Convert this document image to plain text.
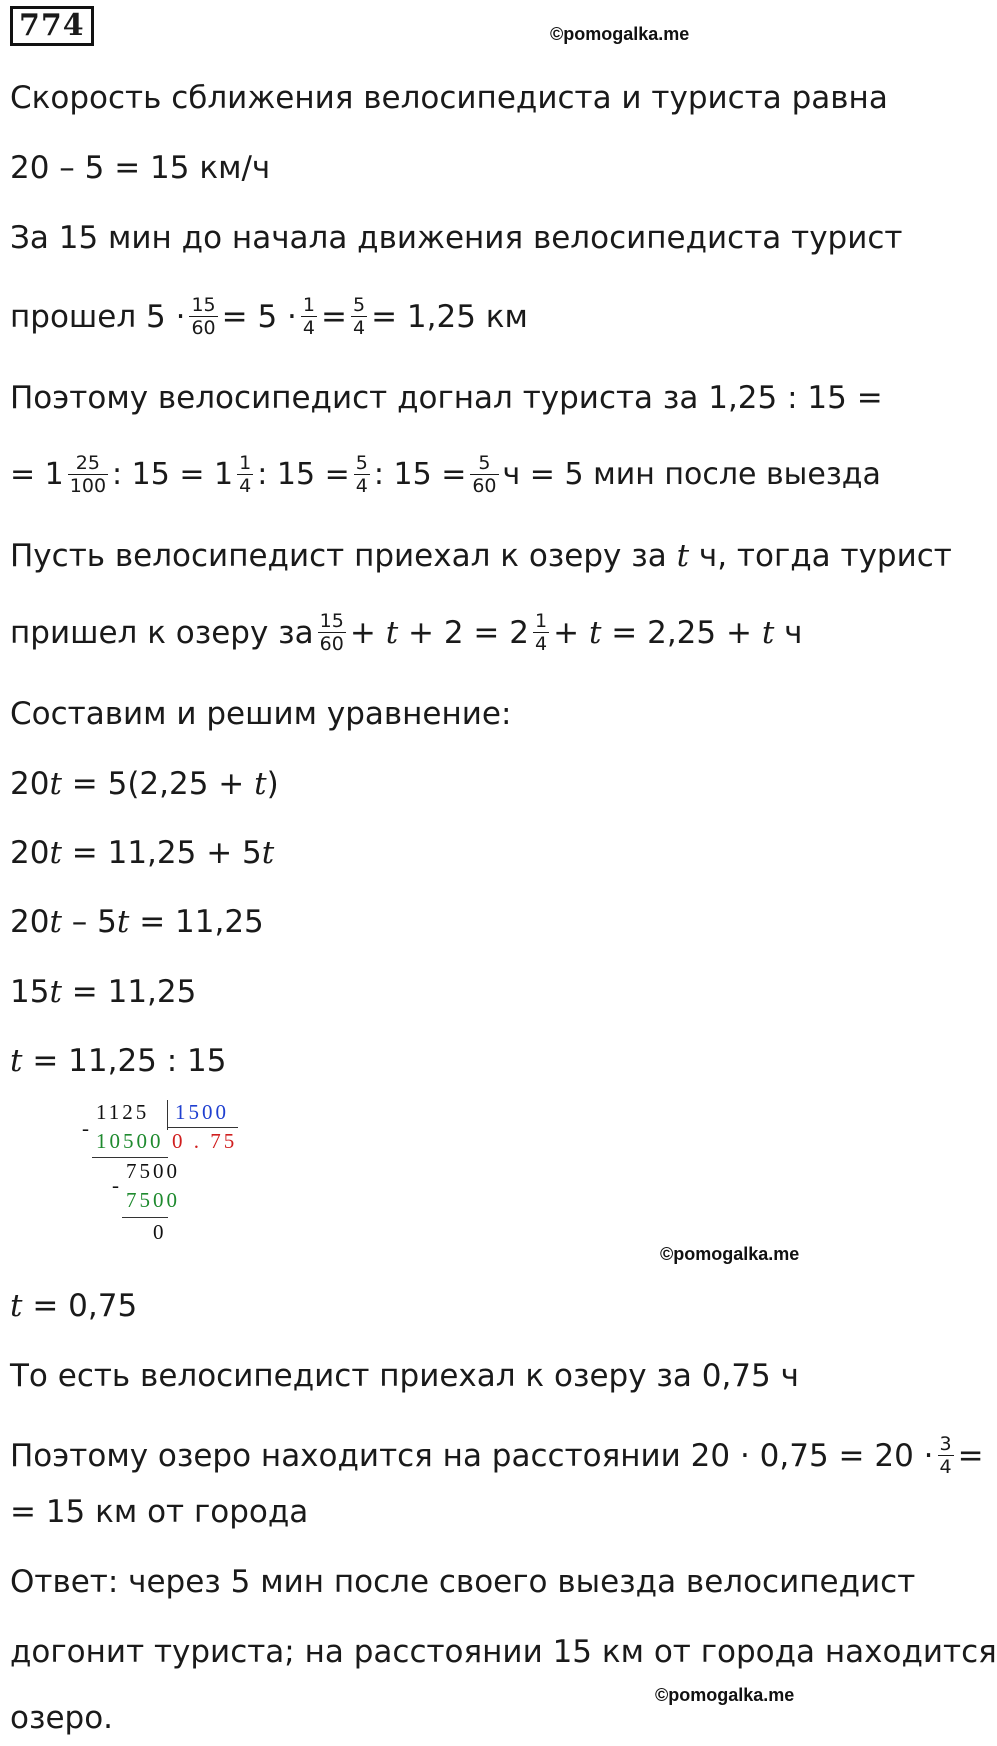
774	©pomogalka.me
Скорость сближения велосипедиста и туриста равна
20 – 5 = 15 км/ч
За 15 мин до начала движения велосипедиста турист
прошел $5 \cdot \frac{15}{60} = 5 \cdot \frac{1}{4} = \frac{5}{4} = 1,25$ км
Поэтому велосипедист догнал туриста за 1,25 : 15 =
= $1 \frac{25}{100}$ : $15 = 1 \frac{1}{4}$ : $15 = \frac{5}{4}$ : $15 = \frac{5}{60}$ ч = 5 мин после выезда
Пусть велосипедист приехал к озеру за
t
ч, тогда турист
пришел к озеру за $\frac{15}{60}$ +
t
+ $2 = 2 \frac{1}{4}$ +
t
= 2,25 +
t
ч
Составим и решим уравнение:
20 t
= 5(2,25 +
t )
20 t
= 11,25 + 5 t
20 t
– 5 t
= 11,25
15 t
= 11,25
t
= 11,25 : 15
1125 1500
-
10500 0 . 75
7500
-
7500
0
©pomogalka.me
t
= 0,75
То есть велосипедист приехал к озеру за 0,75 ч
Поэтому озеро находится на расстоянии $20 \cdot 0,75 = 20 \cdot \frac{3}{4}$ =
= 15 км от города
Ответ: через 5 мин после своего выезда велосипедист
догонит туриста; на расстоянии 15 км от города находится
озеро.
©pomogalka.me
